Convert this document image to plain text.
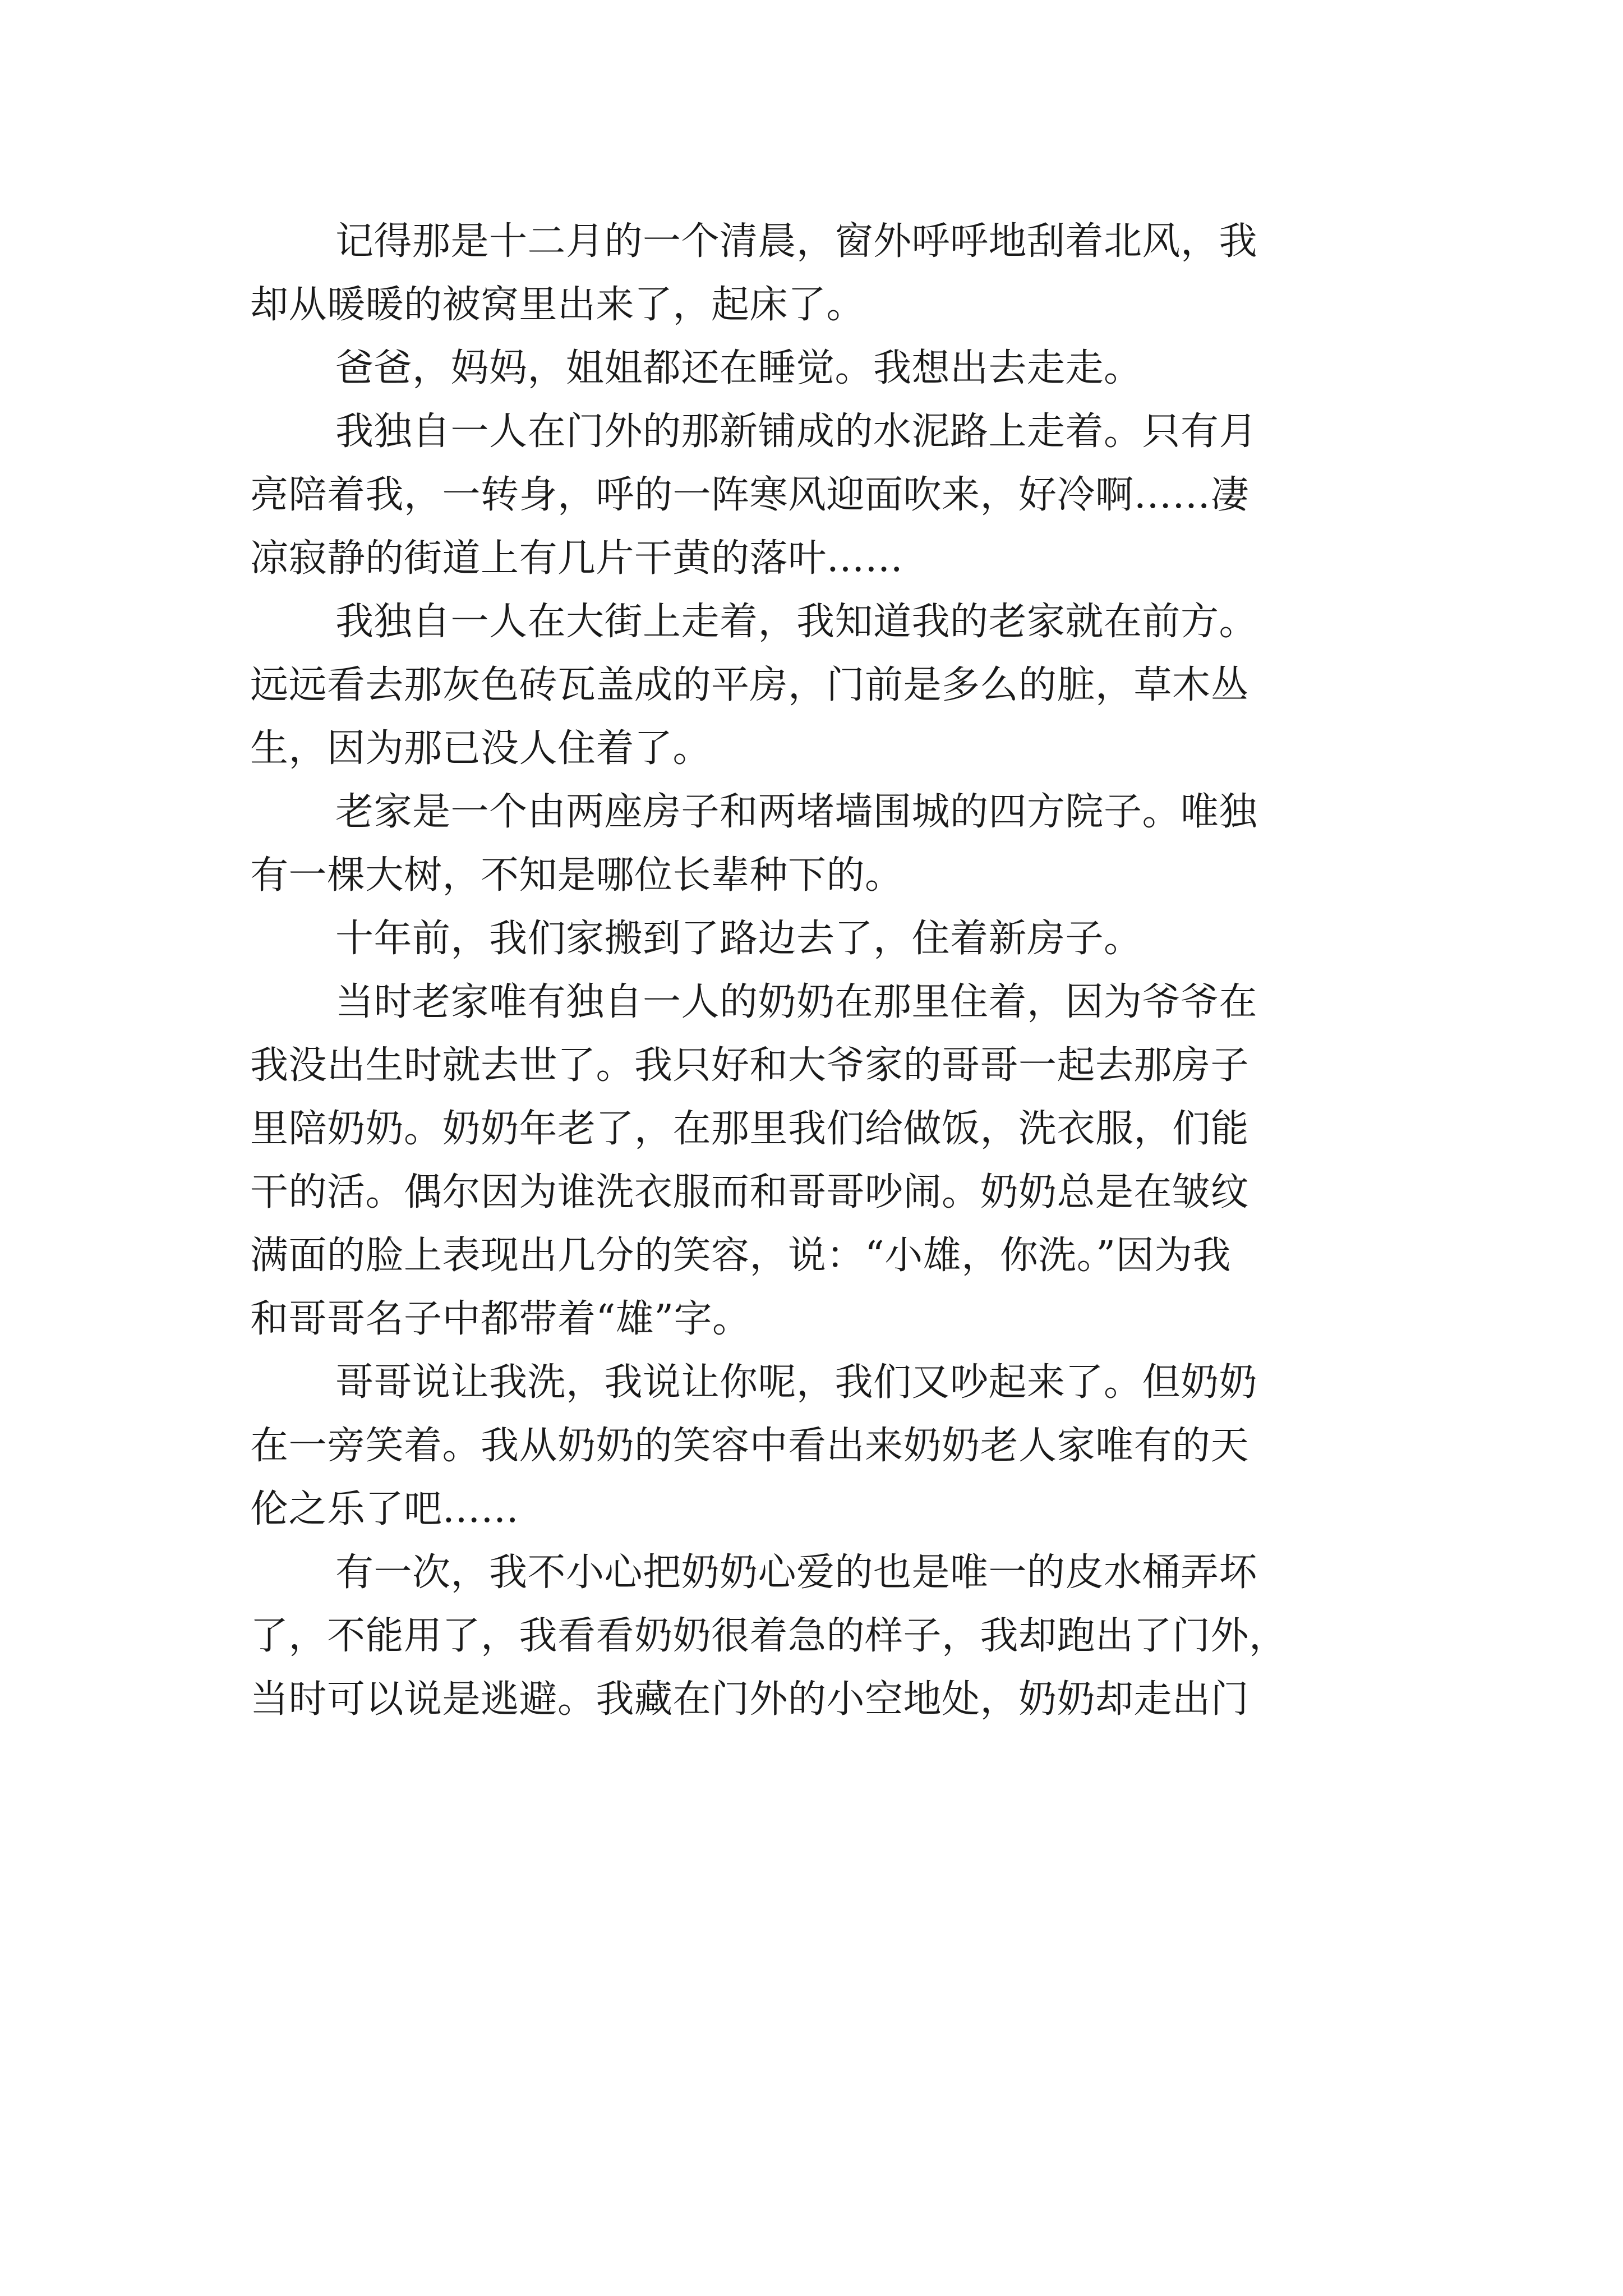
记得那是十二月的一个清晨，窗外呼呼地刮着北风，我
却从暖暖的被窝里出来了，起床了。
爸爸，妈妈，姐姐都还在睡觉。我想出去走走。
我独自一人在门外的那新铺成的水泥路上走着。只有月
亮陪着我，一转身，呼的一阵寒风迎面吹来，好冷啊……凄
凉寂静的街道上有几片干黄的落叶……
我独自一人在大街上走着，我知道我的老家就在前方。
远远看去那灰色砖瓦盖成的平房，门前是多么的脏，草木丛
生，因为那已没人住着了。
老家是一个由两座房子和两堵墙围城的四方院子。唯独
有一棵大树，不知是哪位长辈种下的。
十年前，我们家搬到了路边去了，住着新房子。
当时老家唯有独自一人的奶奶在那里住着，因为爷爷在
我没出生时就去世了。我只好和大爷家的哥哥一起去那房子
里陪奶奶。奶奶年老了，在那里我们给做饭，洗衣服，们能
干的活。偶尔因为谁洗衣服而和哥哥吵闹。奶奶总是在皱纹
满面的脸上表现出几分的笑容，说：“小雄，你洗。”因为我
和哥哥名子中都带着“雄”字。
哥哥说让我洗，我说让你呢，我们又吵起来了。但奶奶
在一旁笑着。我从奶奶的笑容中看出来奶奶老人家唯有的天
伦之乐了吧……
有一次，我不小心把奶奶心爱的也是唯一的皮水桶弄坏
了，不能用了，我看看奶奶很着急的样子，我却跑出了门外，
当时可以说是逃避。我藏在门外的小空地处，奶奶却走出门
